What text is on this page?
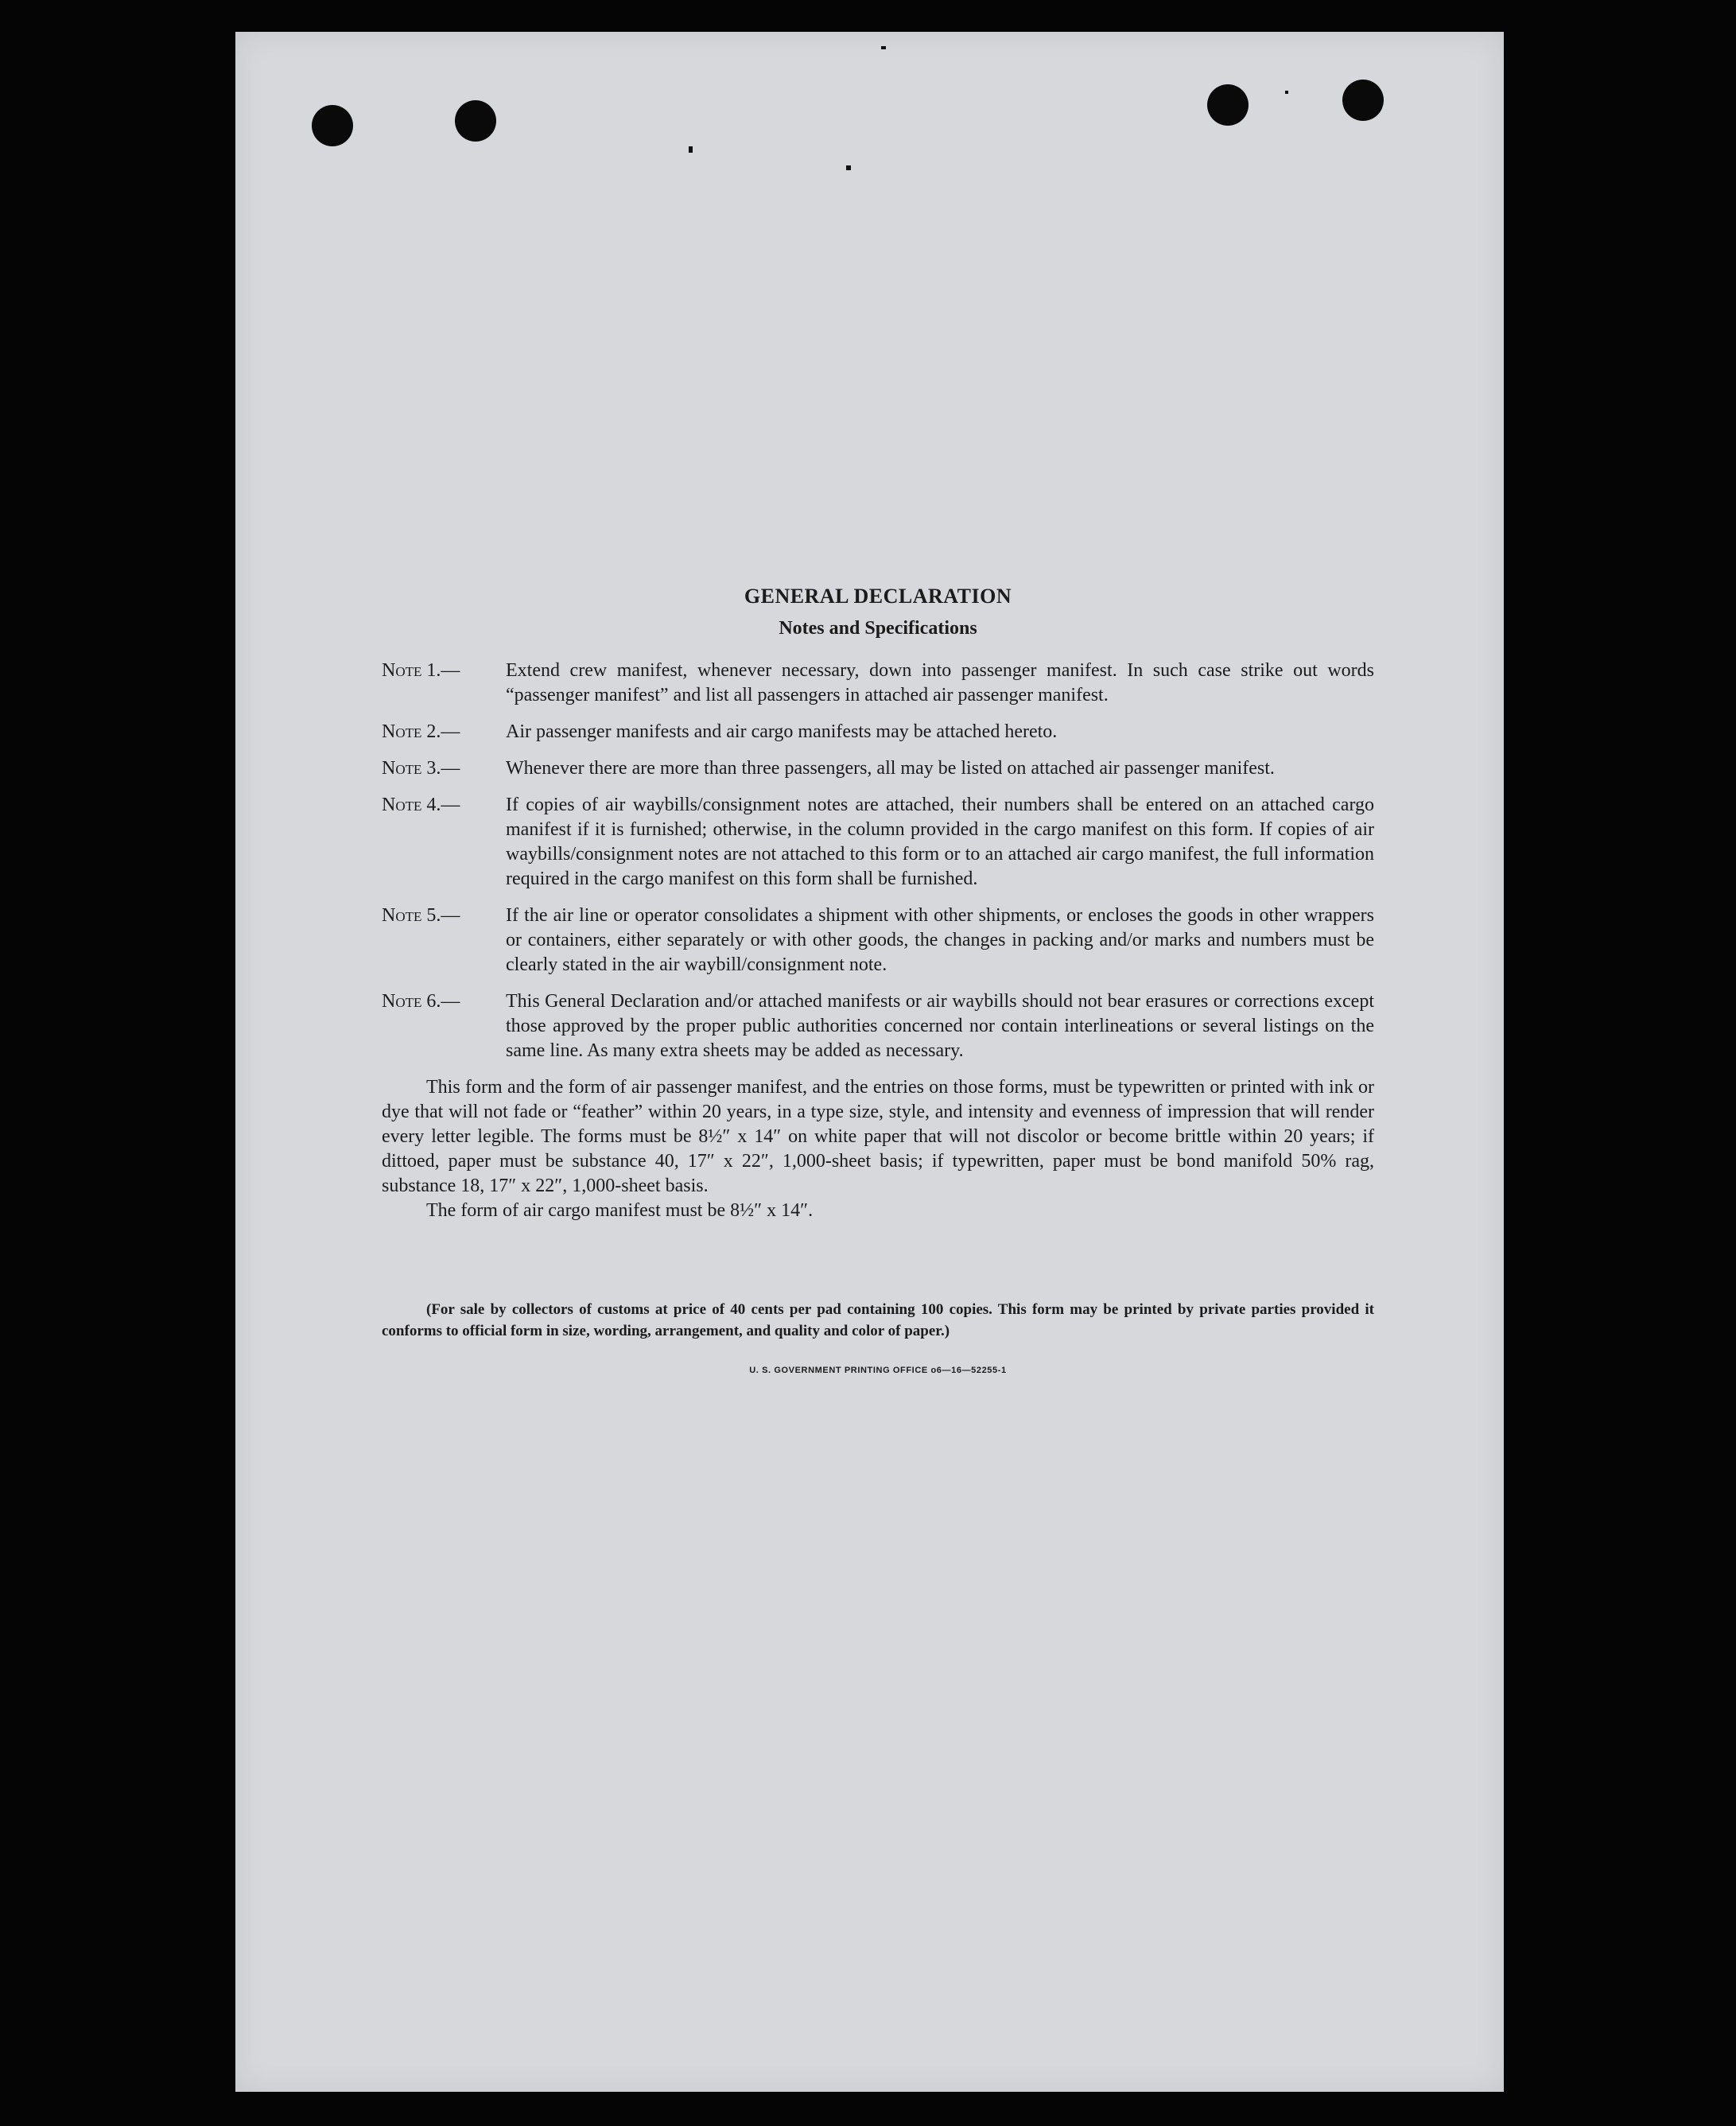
GENERAL DECLARATION
Notes and Specifications
Note 1.— Extend crew manifest, whenever necessary, down into passenger manifest. In such case strike out words “passenger manifest” and list all passengers in attached air passenger manifest.
Note 2.— Air passenger manifests and air cargo manifests may be attached hereto.
Note 3.— Whenever there are more than three passengers, all may be listed on attached air passenger manifest.
Note 4.— If copies of air waybills/consignment notes are attached, their numbers shall be entered on an attached cargo manifest if it is furnished; otherwise, in the column provided in the cargo manifest on this form. If copies of air waybills/consignment notes are not attached to this form or to an attached air cargo manifest, the full information required in the cargo manifest on this form shall be furnished.
Note 5.— If the air line or operator consolidates a shipment with other shipments, or encloses the goods in other wrappers or containers, either separately or with other goods, the changes in packing and/or marks and numbers must be clearly stated in the air waybill/consignment note.
Note 6.— This General Declaration and/or attached manifests or air waybills should not bear erasures or corrections except those approved by the proper public authorities concerned nor contain interlineations or several listings on the same line. As many extra sheets may be added as necessary.

This form and the form of air passenger manifest, and the entries on those forms, must be typewritten or printed with ink or dye that will not fade or “feather” within 20 years, in a type size, style, and intensity and evenness of impression that will render every letter legible. The forms must be 8½″ x 14″ on white paper that will not discolor or become brittle within 20 years; if dittoed, paper must be substance 40, 17″ x 22″, 1,000-sheet basis; if typewritten, paper must be bond manifold 50% rag, substance 18, 17″ x 22″, 1,000-sheet basis.

The form of air cargo manifest must be 8½″ x 14″.

(For sale by collectors of customs at price of 40 cents per pad containing 100 copies. This form may be printed by private parties provided it conforms to official form in size, wording, arrangement, and quality and color of paper.)
U. S. GOVERNMENT PRINTING OFFICE o6—16—52255-1
